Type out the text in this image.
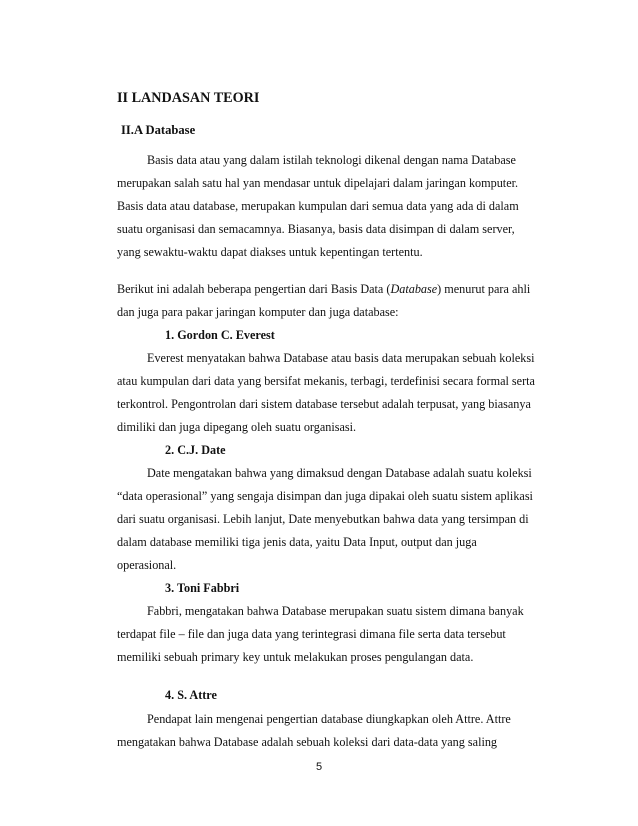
II LANDASAN TEORI
II.A Database
Basis data atau yang dalam istilah teknologi dikenal dengan nama Database
merupakan salah satu hal yan mendasar untuk dipelajari dalam jaringan komputer.
Basis data atau database, merupakan kumpulan dari semua data yang ada di dalam
suatu organisasi dan semacamnya. Biasanya, basis data disimpan di dalam server,
yang sewaktu-waktu dapat diakses untuk kepentingan tertentu.
Berikut ini adalah beberapa pengertian dari Basis Data (Database) menurut para ahli
dan juga para pakar jaringan komputer dan juga database:
1. Gordon C. Everest
Everest menyatakan bahwa Database atau basis data merupakan sebuah koleksi
atau kumpulan dari data yang bersifat mekanis, terbagi, terdefinisi secara formal serta
terkontrol. Pengontrolan dari sistem database tersebut adalah terpusat, yang biasanya
dimiliki dan juga dipegang oleh suatu organisasi.
2. C.J. Date
Date mengatakan bahwa yang dimaksud dengan Database adalah suatu koleksi
“data operasional” yang sengaja disimpan dan juga dipakai oleh suatu sistem aplikasi
dari suatu organisasi. Lebih lanjut, Date menyebutkan bahwa data yang tersimpan di
dalam database memiliki tiga jenis data, yaitu Data Input, output dan juga
operasional.
3. Toni Fabbri
Fabbri, mengatakan bahwa Database merupakan suatu sistem dimana banyak
terdapat file – file dan juga data yang terintegrasi dimana file serta data tersebut
memiliki sebuah primary key untuk melakukan proses pengulangan data.
4. S. Attre
Pendapat lain mengenai pengertian database diungkapkan oleh Attre. Attre
mengatakan bahwa Database adalah sebuah koleksi dari data-data yang saling
5
